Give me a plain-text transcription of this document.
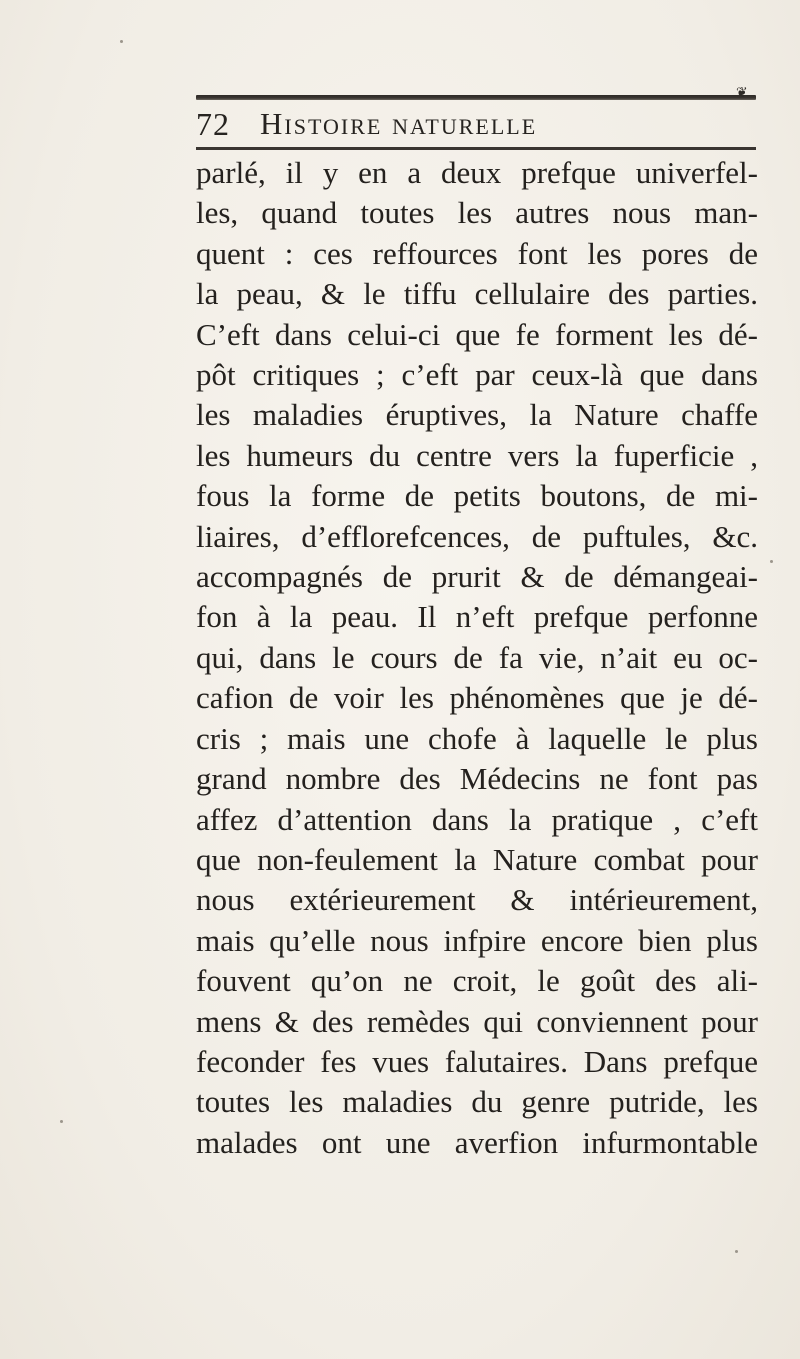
❦
72 Histoire naturelle
parlé, il y en a deux prefque univerfel-
les, quand toutes les autres nous man-
quent : ces reffources font les pores de
la peau, & le tiffu cellulaire des parties.
C’eft dans celui-ci que fe forment les dé-
pôt critiques ; c’eft par ceux-là que dans
les maladies éruptives, la Nature chaffe
les humeurs du centre vers la fuperficie ,
fous la forme de petits boutons, de mi-
liaires, d’efflorefcences, de puftules, &c.
accompagnés de prurit & de démangeai-
fon à la peau. Il n’eft prefque perfonne
qui, dans le cours de fa vie, n’ait eu oc-
cafion de voir les phénomènes que je dé-
cris ; mais une chofe à laquelle le plus
grand nombre des Médecins ne font pas
affez d’attention dans la pratique , c’eft
que non-feulement la Nature combat pour
nous extérieurement & intérieurement,
mais qu’elle nous infpire encore bien plus
fouvent qu’on ne croit, le goût des ali-
mens & des remèdes qui conviennent pour
feconder fes vues falutaires. Dans prefque
toutes les maladies du genre putride, les
malades ont une averfion infurmontable
